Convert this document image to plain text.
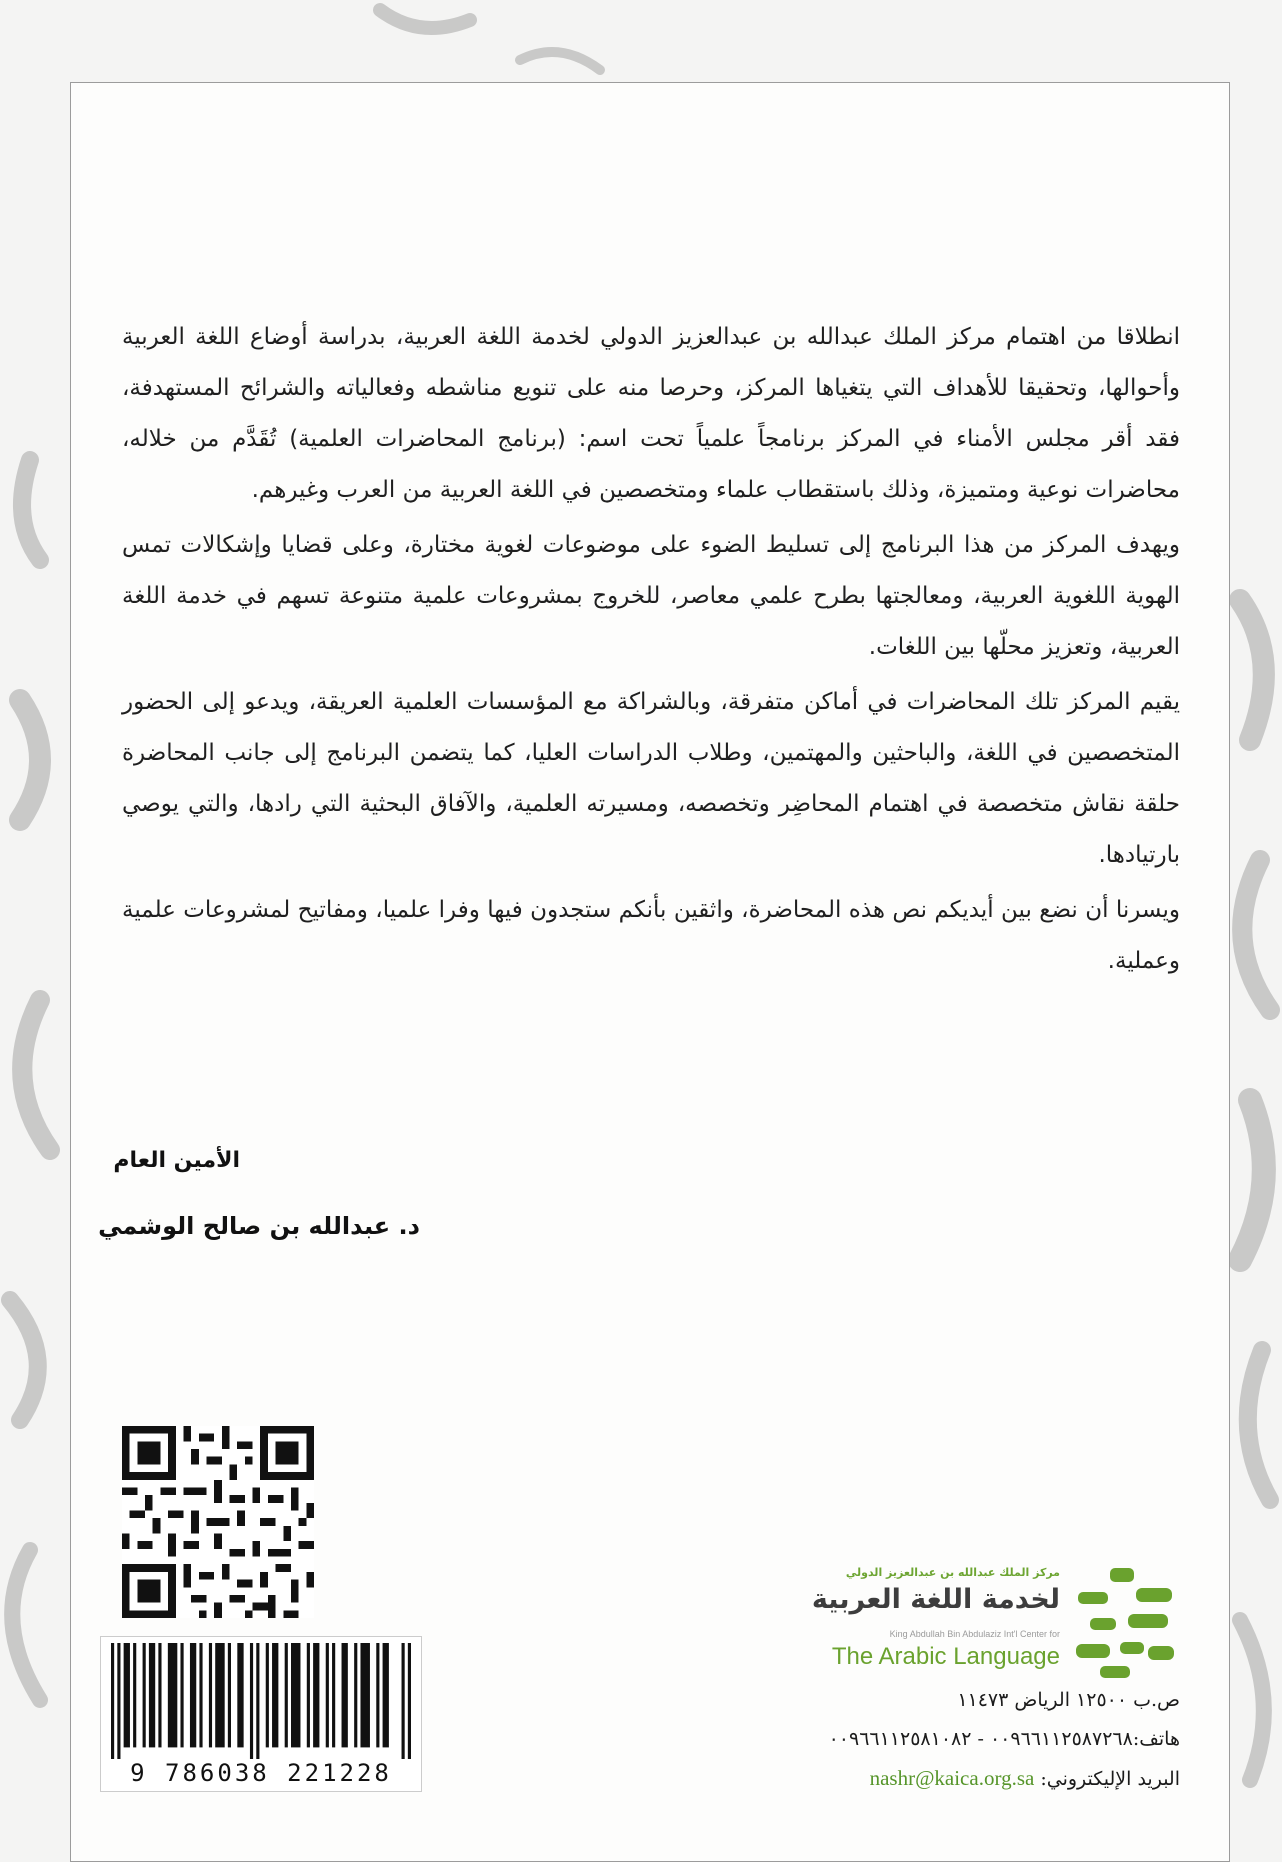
انطلاقا من اهتمام مركز الملك عبدالله بن عبدالعزيز الدولي لخدمة اللغة العربية، بدراسة أوضاع اللغة العربية وأحوالها، وتحقيقا للأهداف التي يتغياها المركز، وحرصا منه على تنويع مناشطه وفعالياته والشرائح المستهدفة، فقد أقر مجلس الأمناء في المركز برنامجاً علمياً تحت اسم: (برنامج المحاضرات العلمية) تُقَدَّم من خلاله، محاضرات نوعية ومتميزة، وذلك باستقطاب علماء ومتخصصين في اللغة العربية من العرب وغيرهم.

ويهدف المركز من هذا البرنامج إلى تسليط الضوء على موضوعات لغوية مختارة، وعلى قضايا وإشكالات تمس الهوية اللغوية العربية، ومعالجتها بطرح علمي معاصر، للخروج بمشروعات علمية متنوعة تسهم في خدمة اللغة العربية، وتعزيز محلّها بين اللغات.

يقيم المركز تلك المحاضرات في أماكن متفرقة، وبالشراكة مع المؤسسات العلمية العريقة، ويدعو إلى الحضور المتخصصين في اللغة، والباحثين والمهتمين، وطلاب الدراسات العليا، كما يتضمن البرنامج إلى جانب المحاضرة حلقة نقاش متخصصة في اهتمام المحاضِر وتخصصه، ومسيرته العلمية، والآفاق البحثية التي رادها، والتي يوصي بارتيادها.

ويسرنا أن نضع بين أيديكم نص هذه المحاضرة، واثقين بأنكم ستجدون فيها وفرا علميا، ومفاتيح لمشروعات علمية وعملية.

الأمين العام
د. عبدالله بن صالح الوشمي
9 786038 221228
مركز الملك عبدالله بن عبدالعزيز الدولي
لخدمة اللغة العربية
King Abdullah Bin Abdulaziz Int'l Center for
The Arabic Language
ص.ب ١٢٥٠٠ الرياض ١١٤٧٣
هاتف:٠٠٩٦٦١١٢٥٨٧٢٦٨ - ٠٠٩٦٦١١٢٥٨١٠٨٢
البريد الإليكتروني: nashr@kaica.org.sa
